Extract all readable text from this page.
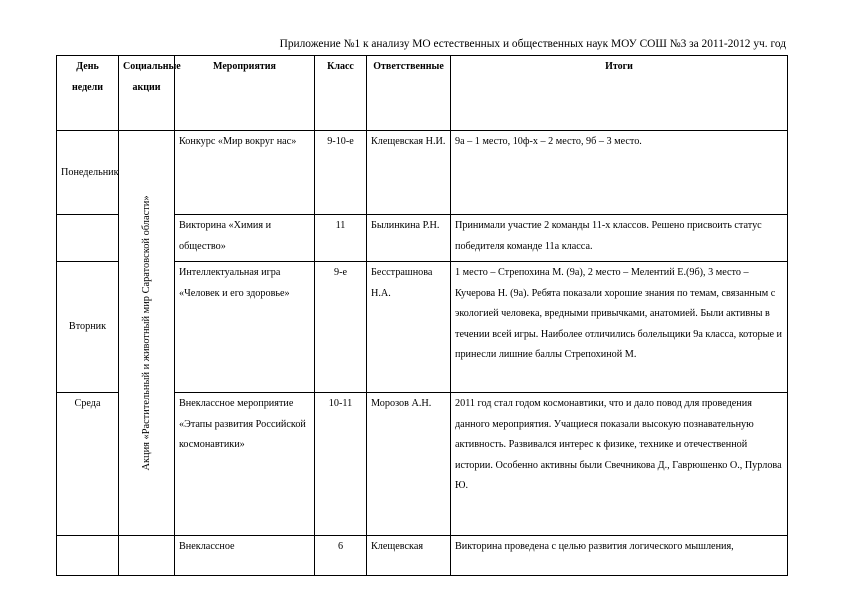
Приложение №1 к анализу МО естественных и общественных наук МОУ СОШ №3 за 2011-2012 уч. год
День недели	Социальные акции	Мероприятия	Класс	Ответственные	Итоги
Понедельник	Акция «Растительный и животный мир Саратовской области»	Конкурс «Мир вокруг нас»	9-10-е	Клещевская Н.И.	9а – 1 место, 10ф-х – 2 место, 9б – 3 место.
		Викторина «Химия и общество»	11	Былинкина Р.Н.	Принимали участие 2 команды 11-х классов. Решено присвоить статус победителя команде 11а класса.
Вторник		Интеллектуальная игра «Человек и его здоровье»	9-е	Бесстрашнова Н.А.	1 место – Стрепохина М. (9а), 2 место – Мелентий Е.(9б), 3 место – Кучерова Н. (9а). Ребята показали хорошие знания по темам, связанным с экологией человека, вредными привычками, анатомией. Были активны в течении всей игры. Наиболее отличились болельщики 9а класса, которые и принесли лишние баллы Стрепохиной М.
Среда		Внеклассное мероприятие «Этапы развития Российской космонавтики»	10-11	Морозов А.Н.	2011 год стал годом космонавтики, что и дало повод для проведения данного мероприятия. Учащиеся показали высокую познавательную активность. Развивался интерес к физике, технике и отечественной истории. Особенно активны были Свечникова Д., Гаврюшенко О., Пурлова Ю.
		Внеклассное	6	Клещевская	Викторина проведена с целью развития логического мышления,
